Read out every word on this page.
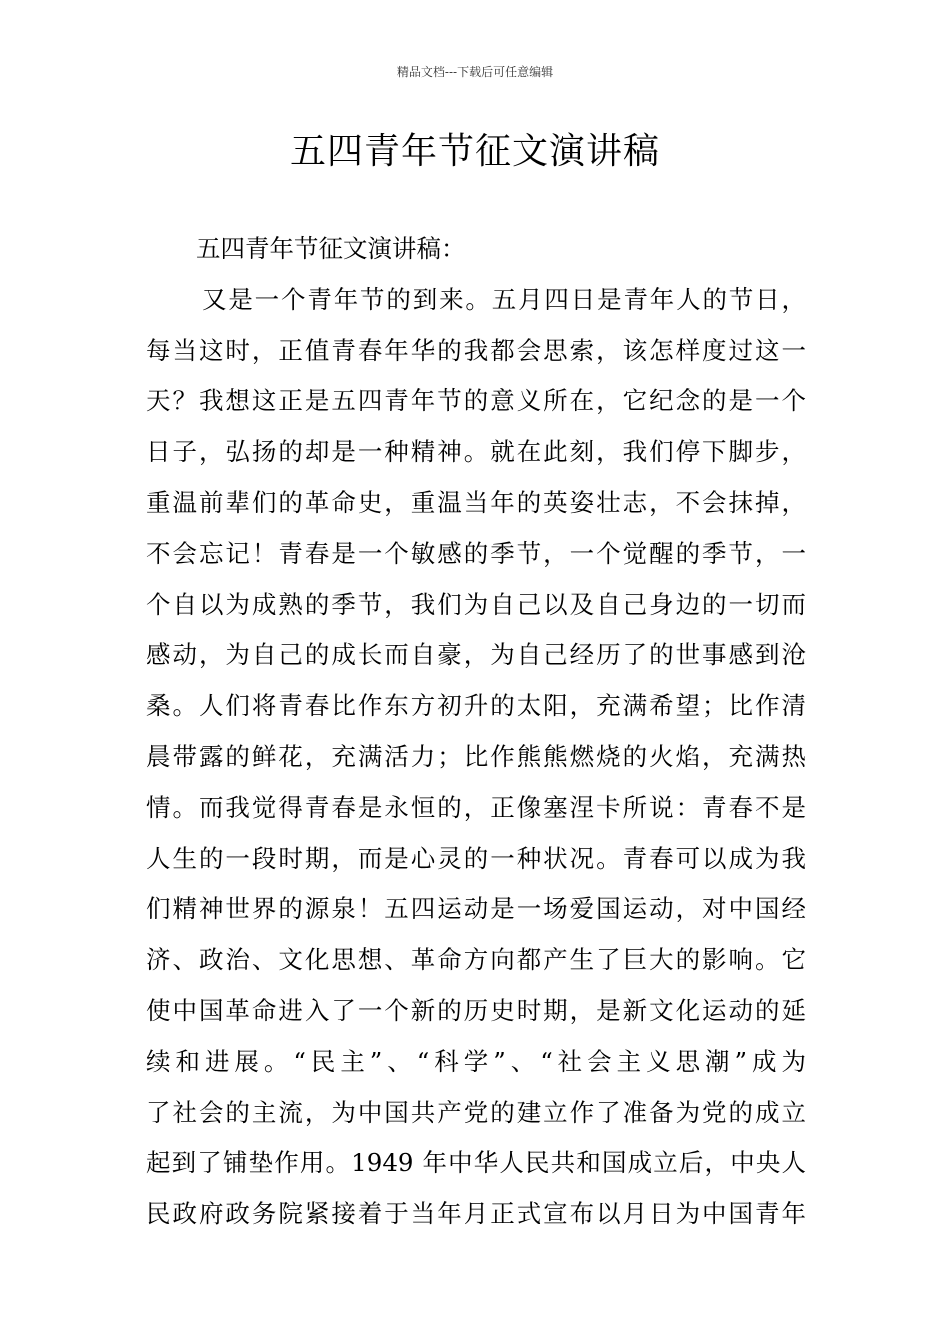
精品文档---下载后可任意编辑
五四青年节征文演讲稿
五四青年节征文演讲稿：
又是一个青年节的到来。五月四日是青年人的节日，
每当这时，正值青春年华的我都会思索，该怎样度过这一
天？我想这正是五四青年节的意义所在，它纪念的是一个
日子，弘扬的却是一种精神。就在此刻，我们停下脚步，
重温前辈们的革命史，重温当年的英姿壮志，不会抹掉，
不会忘记！青春是一个敏感的季节，一个觉醒的季节，一
个自以为成熟的季节，我们为自己以及自己身边的一切而
感动，为自己的成长而自豪，为自己经历了的世事感到沧
桑。人们将青春比作东方初升的太阳，充满希望；比作清
晨带露的鲜花，充满活力；比作熊熊燃烧的火焰，充满热
情。而我觉得青春是永恒的，正像塞涅卡所说：青春不是
人生的一段时期，而是心灵的一种状况。青春可以成为我
们精神世界的源泉！五四运动是一场爱国运动，对中国经
济、政治、文化思想、革命方向都产生了巨大的影响。它
使中国革命进入了一个新的历史时期，是新文化运动的延
续和进展。“民主”、“科学”、“社会主义思潮”成为
了社会的主流，为中国共产党的建立作了准备为党的成立
起到了铺垫作用。1949 年中华人民共和国成立后，中央人
民政府政务院紧接着于当年月正式宣布以月日为中国青年
